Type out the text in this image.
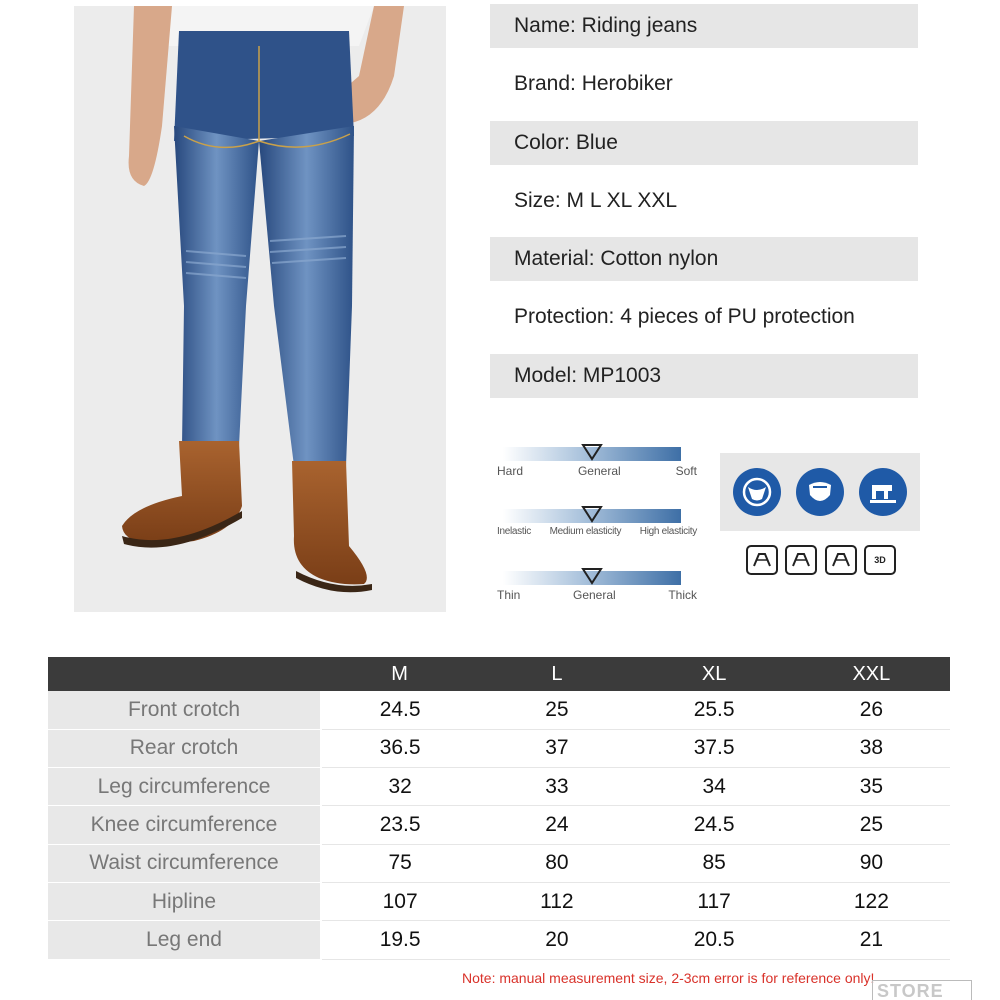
Name: Riding jeans
Brand: Herobiker
Color: Blue
Size: M L XL XXL
Material: Cotton nylon
Protection: 4 pieces of PU protection
Model: MP1003
Hard	General	Soft
Inelastic Medium elasticity High elasticity
Thin	General	Thick
3D
	M	L	XL	XXL
Front crotch	24.5	25	25.5	26
Rear crotch	36.5	37	37.5	38
Leg circumference	32	33	34	35
Knee circumference	23.5	24	24.5	25
Waist circumference	75	80	85	90
Hipline	107	112	117	122
Leg end	19.5	20	20.5	21
Note: manual measurement size, 2-3cm error is for reference only!
STORE
